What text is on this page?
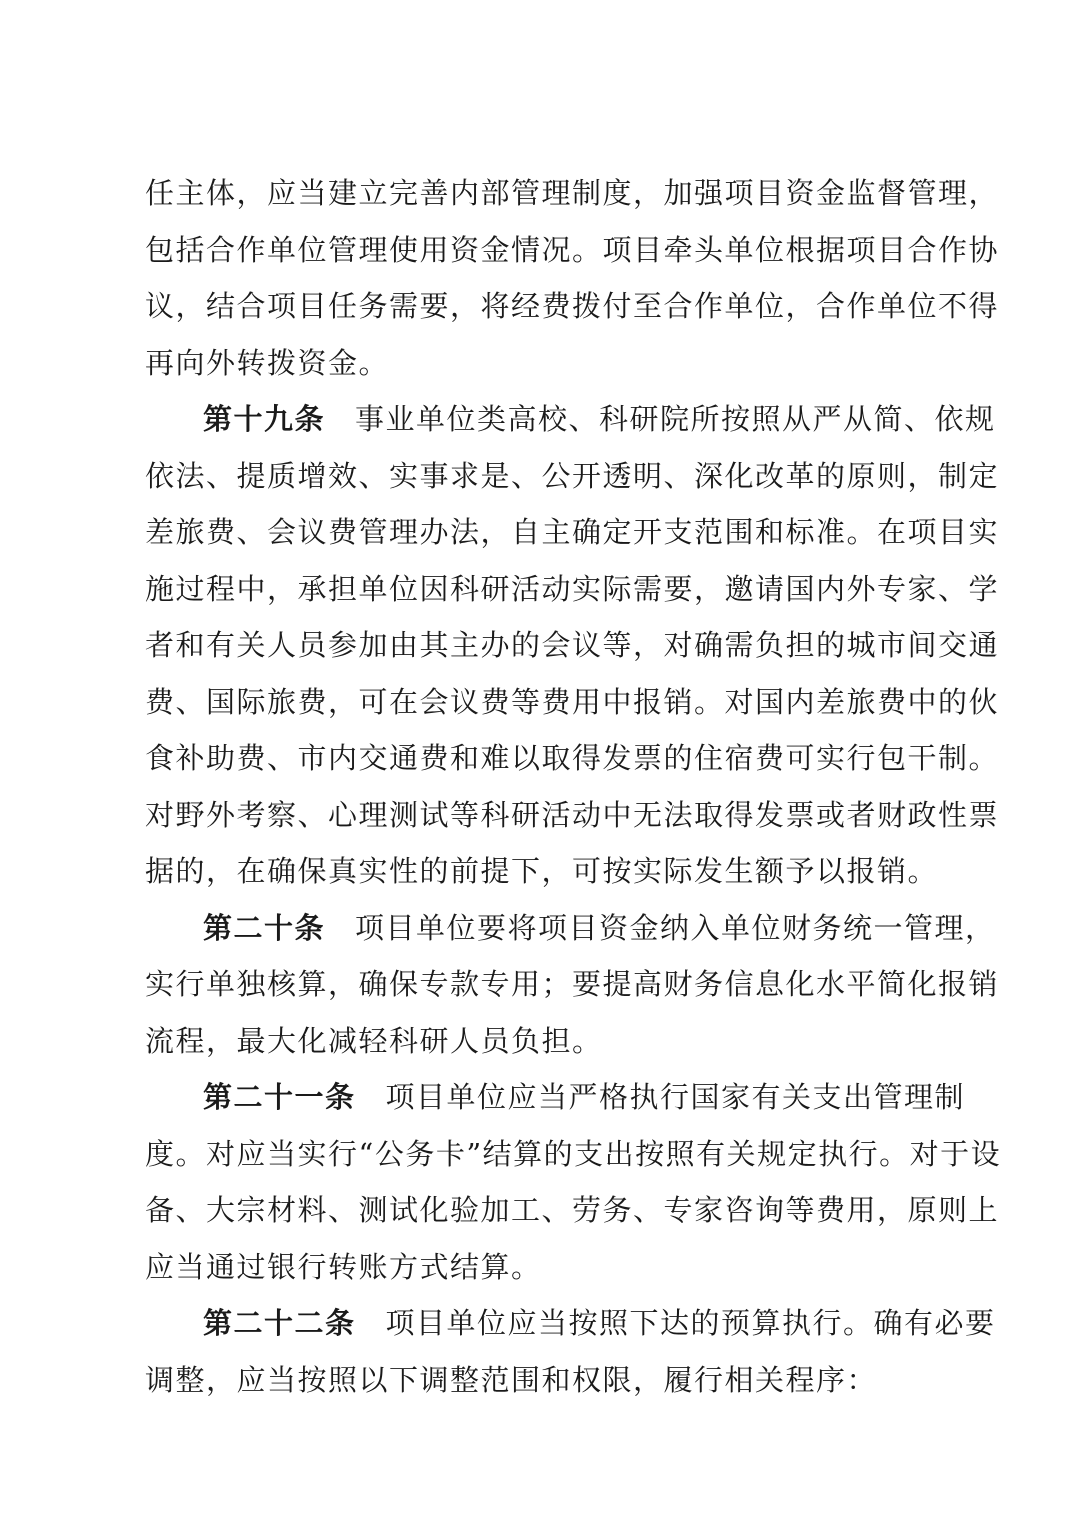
任主体，应当建立完善内部管理制度，加强项目资金监督管理，
包括合作单位管理使用资金情况。项目牵头单位根据项目合作协
议，结合项目任务需要，将经费拨付至合作单位，合作单位不得
再向外转拨资金。
第十九条 事业单位类高校、科研院所按照从严从简、依规
依法、提质增效、实事求是、公开透明、深化改革的原则，制定
差旅费、会议费管理办法，自主确定开支范围和标准。在项目实
施过程中，承担单位因科研活动实际需要，邀请国内外专家、学
者和有关人员参加由其主办的会议等，对确需负担的城市间交通
费、国际旅费，可在会议费等费用中报销。对国内差旅费中的伙
食补助费、市内交通费和难以取得发票的住宿费可实行包干制。
对野外考察、心理测试等科研活动中无法取得发票或者财政性票
据的，在确保真实性的前提下，可按实际发生额予以报销。
第二十条 项目单位要将项目资金纳入单位财务统一管理，
实行单独核算，确保专款专用；要提高财务信息化水平简化报销
流程，最大化减轻科研人员负担。
第二十一条 项目单位应当严格执行国家有关支出管理制
度。对应当实行“公务卡”结算的支出按照有关规定执行。对于设
备、大宗材料、测试化验加工、劳务、专家咨询等费用，原则上
应当通过银行转账方式结算。
第二十二条 项目单位应当按照下达的预算执行。确有必要
调整，应当按照以下调整范围和权限，履行相关程序：
